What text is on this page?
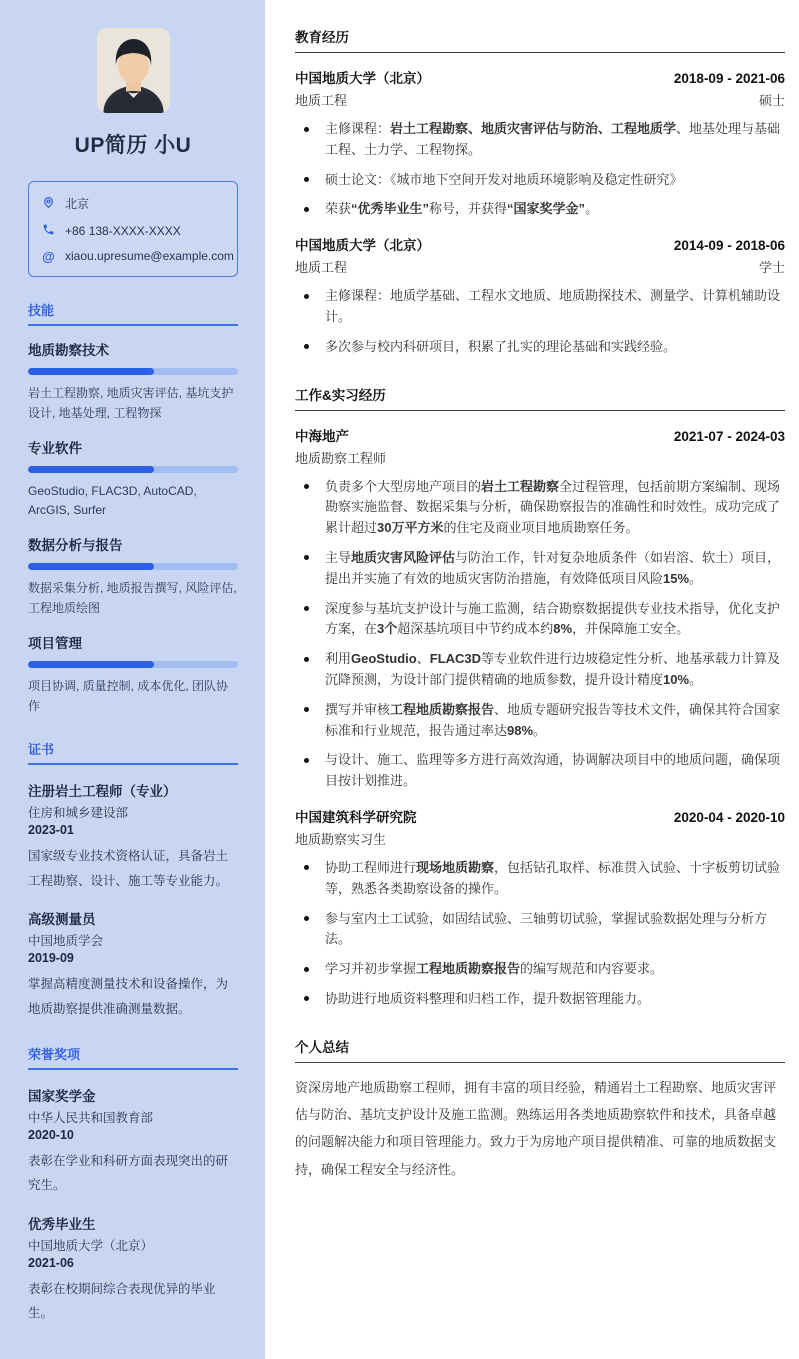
UP简历 小U
北京
+86 138-XXXX-XXXX
@ xiaou.upresume@example.com
技能
地质勘察技术
岩土工程勘察, 地质灾害评估, 基坑支护设计, 地基处理, 工程物探
专业软件
GeoStudio, FLAC3D, AutoCAD, ArcGIS, Surfer
数据分析与报告
数据采集分析, 地质报告撰写, 风险评估, 工程地质绘图
项目管理
项目协调, 质量控制, 成本优化, 团队协作
证书
注册岩土工程师（专业）
住房和城乡建设部
2023-01
国家级专业技术资格认证，具备岩土工程勘察、设计、施工等专业能力。
高级测量员
中国地质学会
2019-09
掌握高精度测量技术和设备操作，为地质勘察提供准确测量数据。
荣誉奖项
国家奖学金
中华人民共和国教育部
2020-10
表彰在学业和科研方面表现突出的研究生。
优秀毕业生
中国地质大学（北京）
2021-06
表彰在校期间综合表现优异的毕业生。
教育经历
中国地质大学（北京）	2018-09 - 2021-06
地质工程	硕士
主修课程：岩土工程勘察、地质灾害评估与防治、工程地质学、地基处理与基础工程、土力学、工程物探。
硕士论文：《城市地下空间开发对地质环境影响及稳定性研究》
荣获“优秀毕业生”称号，并获得“国家奖学金”。
中国地质大学（北京）	2014-09 - 2018-06
地质工程	学士
主修课程：地质学基础、工程水文地质、地质勘探技术、测量学、计算机辅助设计。
多次参与校内科研项目，积累了扎实的理论基础和实践经验。
工作&实习经历
中海地产	2021-07 - 2024-03
地质勘察工程师
负责多个大型房地产项目的岩土工程勘察全过程管理，包括前期方案编制、现场勘察实施监督、数据采集与分析，确保勘察报告的准确性和时效性。成功完成了累计超过30万平方米的住宅及商业项目地质勘察任务。
主导地质灾害风险评估与防治工作，针对复杂地质条件（如岩溶、软土）项目，提出并实施了有效的地质灾害防治措施，有效降低项目风险15%。
深度参与基坑支护设计与施工监测，结合勘察数据提供专业技术指导，优化支护方案，在3个超深基坑项目中节约成本约8%，并保障施工安全。
利用GeoStudio、FLAC3D等专业软件进行边坡稳定性分析、地基承载力计算及沉降预测，为设计部门提供精确的地质参数，提升设计精度10%。
撰写并审核工程地质勘察报告、地质专题研究报告等技术文件，确保其符合国家标准和行业规范，报告通过率达98%。
与设计、施工、监理等多方进行高效沟通，协调解决项目中的地质问题，确保项目按计划推进。
中国建筑科学研究院	2020-04 - 2020-10
地质勘察实习生
协助工程师进行现场地质勘察，包括钻孔取样、标准贯入试验、十字板剪切试验等，熟悉各类勘察设备的操作。
参与室内土工试验，如固结试验、三轴剪切试验，掌握试验数据处理与分析方法。
学习并初步掌握工程地质勘察报告的编写规范和内容要求。
协助进行地质资料整理和归档工作，提升数据管理能力。
个人总结

资深房地产地质勘察工程师，拥有丰富的项目经验，精通岩土工程勘察、地质灾害评估与防治、基坑支护设计及施工监测。熟练运用各类地质勘察软件和技术，具备卓越的问题解决能力和项目管理能力。致力于为房地产项目提供精准、可靠的地质数据支持，确保工程安全与经济性。
